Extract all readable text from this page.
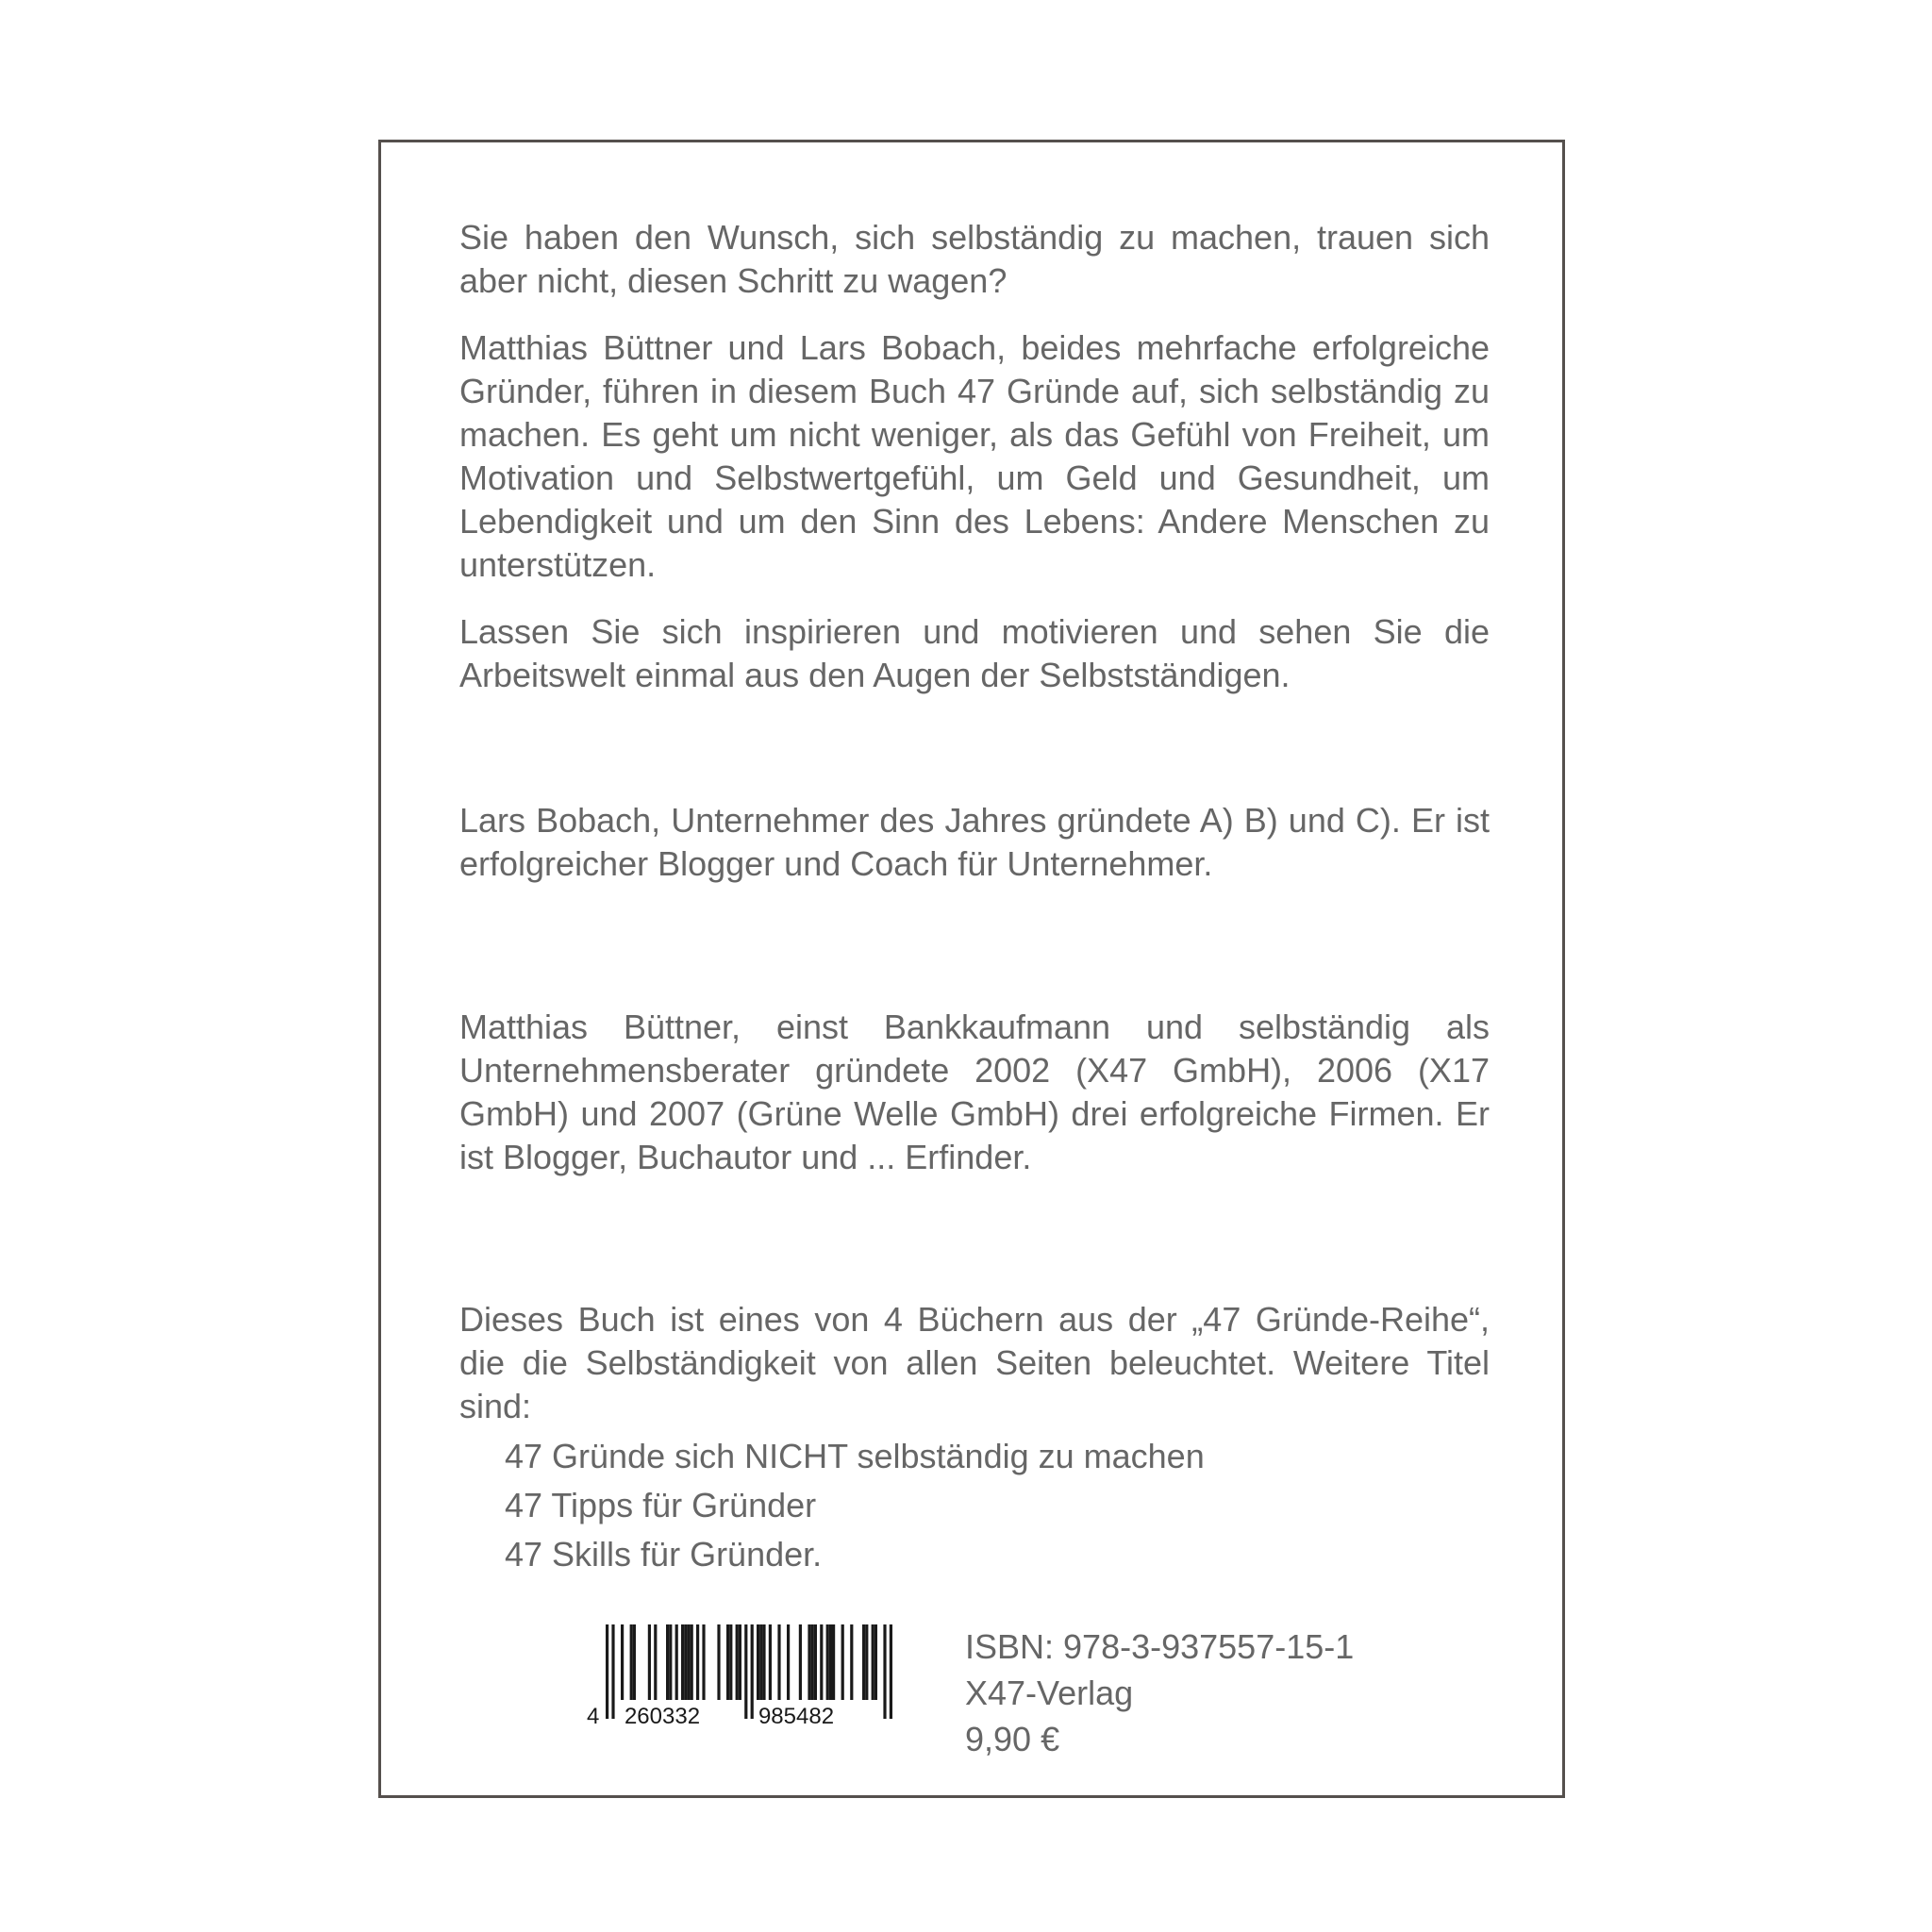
Sie haben den Wunsch, sich selbständig zu machen, trauen sich aber nicht, diesen Schritt zu wagen?

Matthias Büttner und Lars Bobach, beides mehrfache erfolgreiche Gründer, führen in diesem Buch 47 Gründe auf, sich selbständig zu machen. Es geht um nicht weniger, als das Gefühl von Freiheit, um Motivation und Selbstwertgefühl, um Geld und Gesundheit, um Lebendigkeit und um den Sinn des Lebens: Andere Menschen zu unterstützen.

Lassen Sie sich inspirieren und motivieren und sehen Sie die Arbeitswelt einmal aus den Augen der Selbstständigen.

Lars Bobach, Unternehmer des Jahres gründete A) B) und C). Er ist erfolgreicher Blogger und Coach für Unternehmer.

Matthias Büttner, einst Bankkaufmann und selbständig als Unternehmensberater gründete 2002 (X47 GmbH), 2006 (X17 GmbH) und 2007 (Grüne Welle GmbH) drei erfolgreiche Firmen. Er ist Blogger, Buchautor und ... Erfinder.

Dieses Buch ist eines von 4 Büchern aus der „47 Gründe-Reihe“, die die Selbständigkeit von allen Seiten beleuchtet. Weitere Titel sind:

47 Gründe sich NICHT selbständig zu machen
47 Tipps für Gründer
47 Skills für Gründer.
4 260332	985482
ISBN: 978-3-937557-15-1
X47-Verlag
9,90 €
